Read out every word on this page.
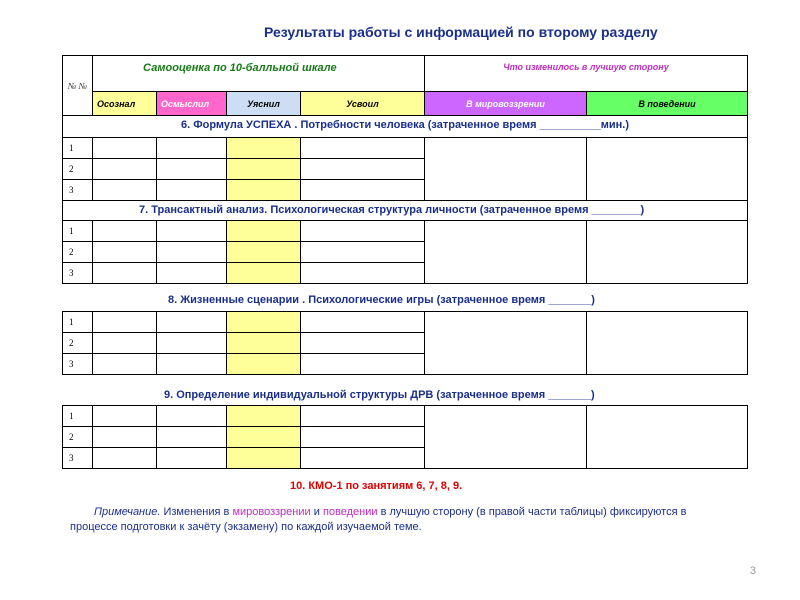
Результаты работы с информацией по второму разделу
№ №	Самооценка по 10-балльной шкале				Что изменилось в лучшую сторону	

	Осознал	Осмыслил	Уяснил	Усвоил	В мировоззрении	В поведении

6. Формула УСПЕХА . Потребности человека (затраченное время __________мин.)						

1						
2						
3						

7. Трансактный анализ. Психологическая структура личности (затраченное время ________)						

1						
2						
3						
8. Жизненные сценарии . Психологические игры (затраченное время _______)
1						
2						
3						
9. Определение индивидуальной структуры ДРВ (затраченное время _______)
1						
2						
3						
10. КМО-1 по занятиям 6, 7, 8, 9.
Примечание. Изменения в мировоззрении и поведении в лучшую сторону (в правой части таблицы) фиксируются в процессе подготовки к зачёту (экзамену) по каждой изучаемой теме.
3
